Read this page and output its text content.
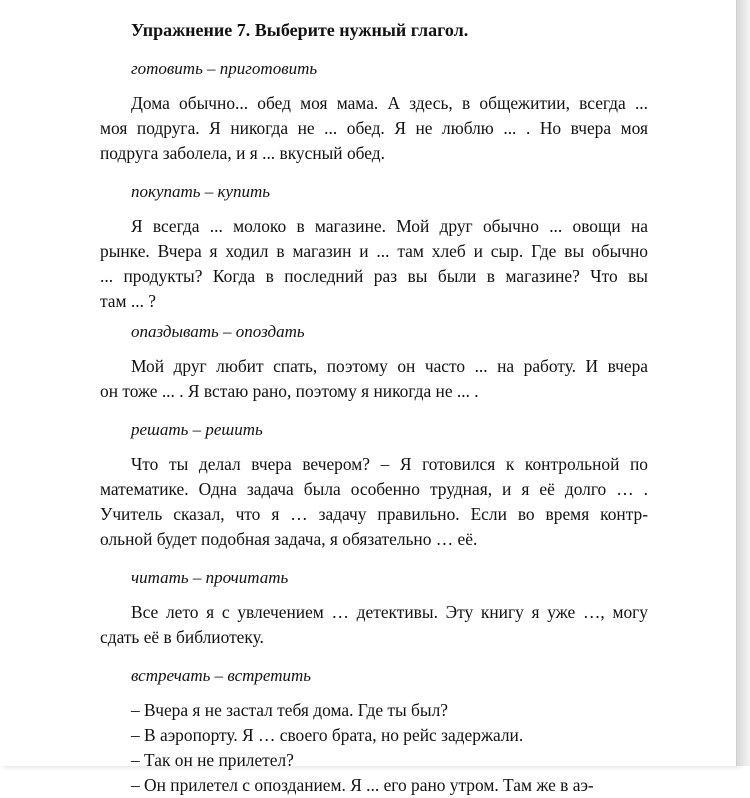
Упражнение 7. Выберите нужный глагол.
готовить – приготовить
Дома обычно... обед моя мама. А здесь, в общежитии, всегда ...
моя подруга. Я никогда не ... обед. Я не люблю ... . Но вчера моя
подруга заболела, и я ... вкусный обед.
покупать – купить
Я всегда ... молоко в магазине. Мой друг обычно ... овощи на
рынке. Вчера я ходил в магазин и ... там хлеб и сыр. Где вы обычно
... продукты? Когда в последний раз вы были в магазине? Что вы
там ... ?
опаздывать – опоздать
Мой друг любит спать, поэтому он часто ... на работу. И вчера
он тоже ... . Я встаю рано, поэтому я никогда не ... .
решать – решить
Что ты делал вчера вечером? – Я готовился к контрольной по
математике. Одна задача была особенно трудная, и я её долго … .
Учитель сказал, что я … задачу правильно. Если во время контр-
ольной будет подобная задача, я обязательно … её.
читать – прочитать
Все лето я с увлечением … детективы. Эту книгу я уже …, могу
сдать её в библиотеку.
встречать – встретить
– Вчера я не застал тебя дома. Где ты был?
– В аэропорту. Я … своего брата, но рейс задержали.
– Так он не прилетел?
– Он прилетел с опозданием. Я ... его рано утром. Там же в аэ-
